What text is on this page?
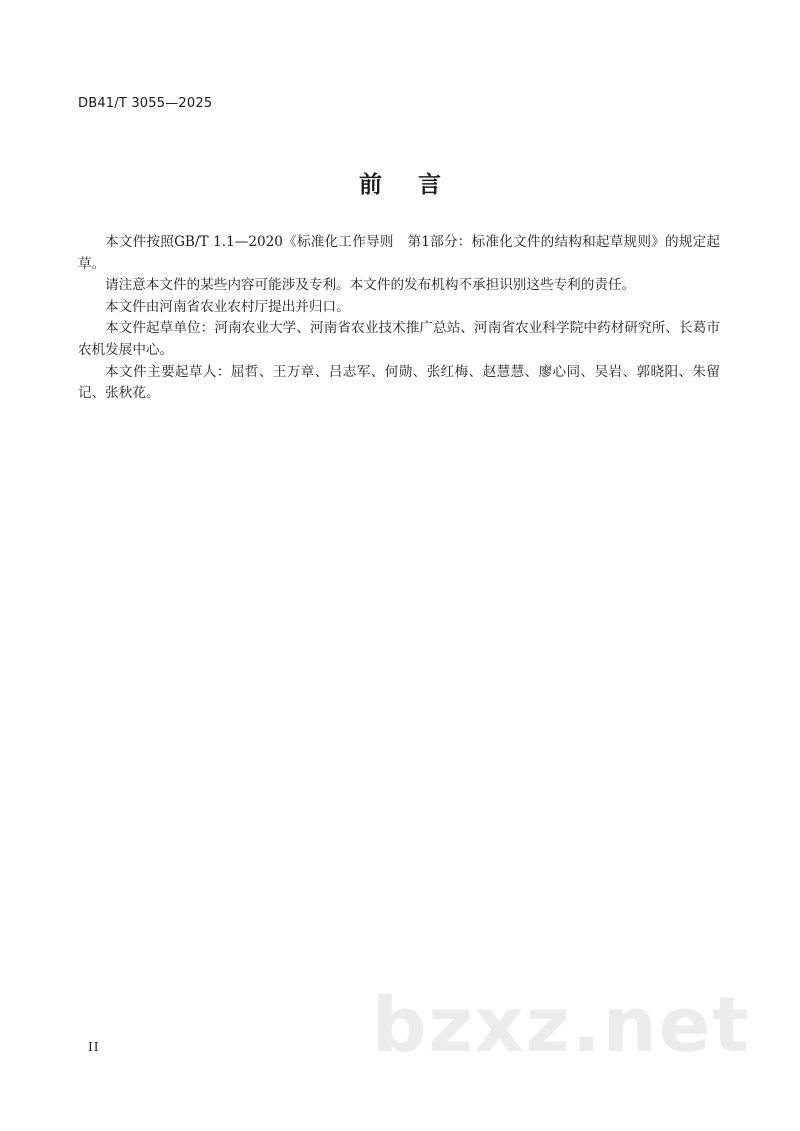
DB41/T 3055—2025
前言

本文件按照GB/T 1.1—2020《标准化工作导则　第1部分：标准化文件的结构和起草规则》的规定起草。

请注意本文件的某些内容可能涉及专利。本文件的发布机构不承担识别这些专利的责任。

本文件由河南省农业农村厅提出并归口。

本文件起草单位：河南农业大学、河南省农业技术推广总站、河南省农业科学院中药材研究所、长葛市农机发展中心。

本文件主要起草人：屈哲、王万章、吕志军、何勋、张红梅、赵慧慧、廖心同、吴岩、郭晓阳、朱留记、张秋花。

II	bzxz.net
